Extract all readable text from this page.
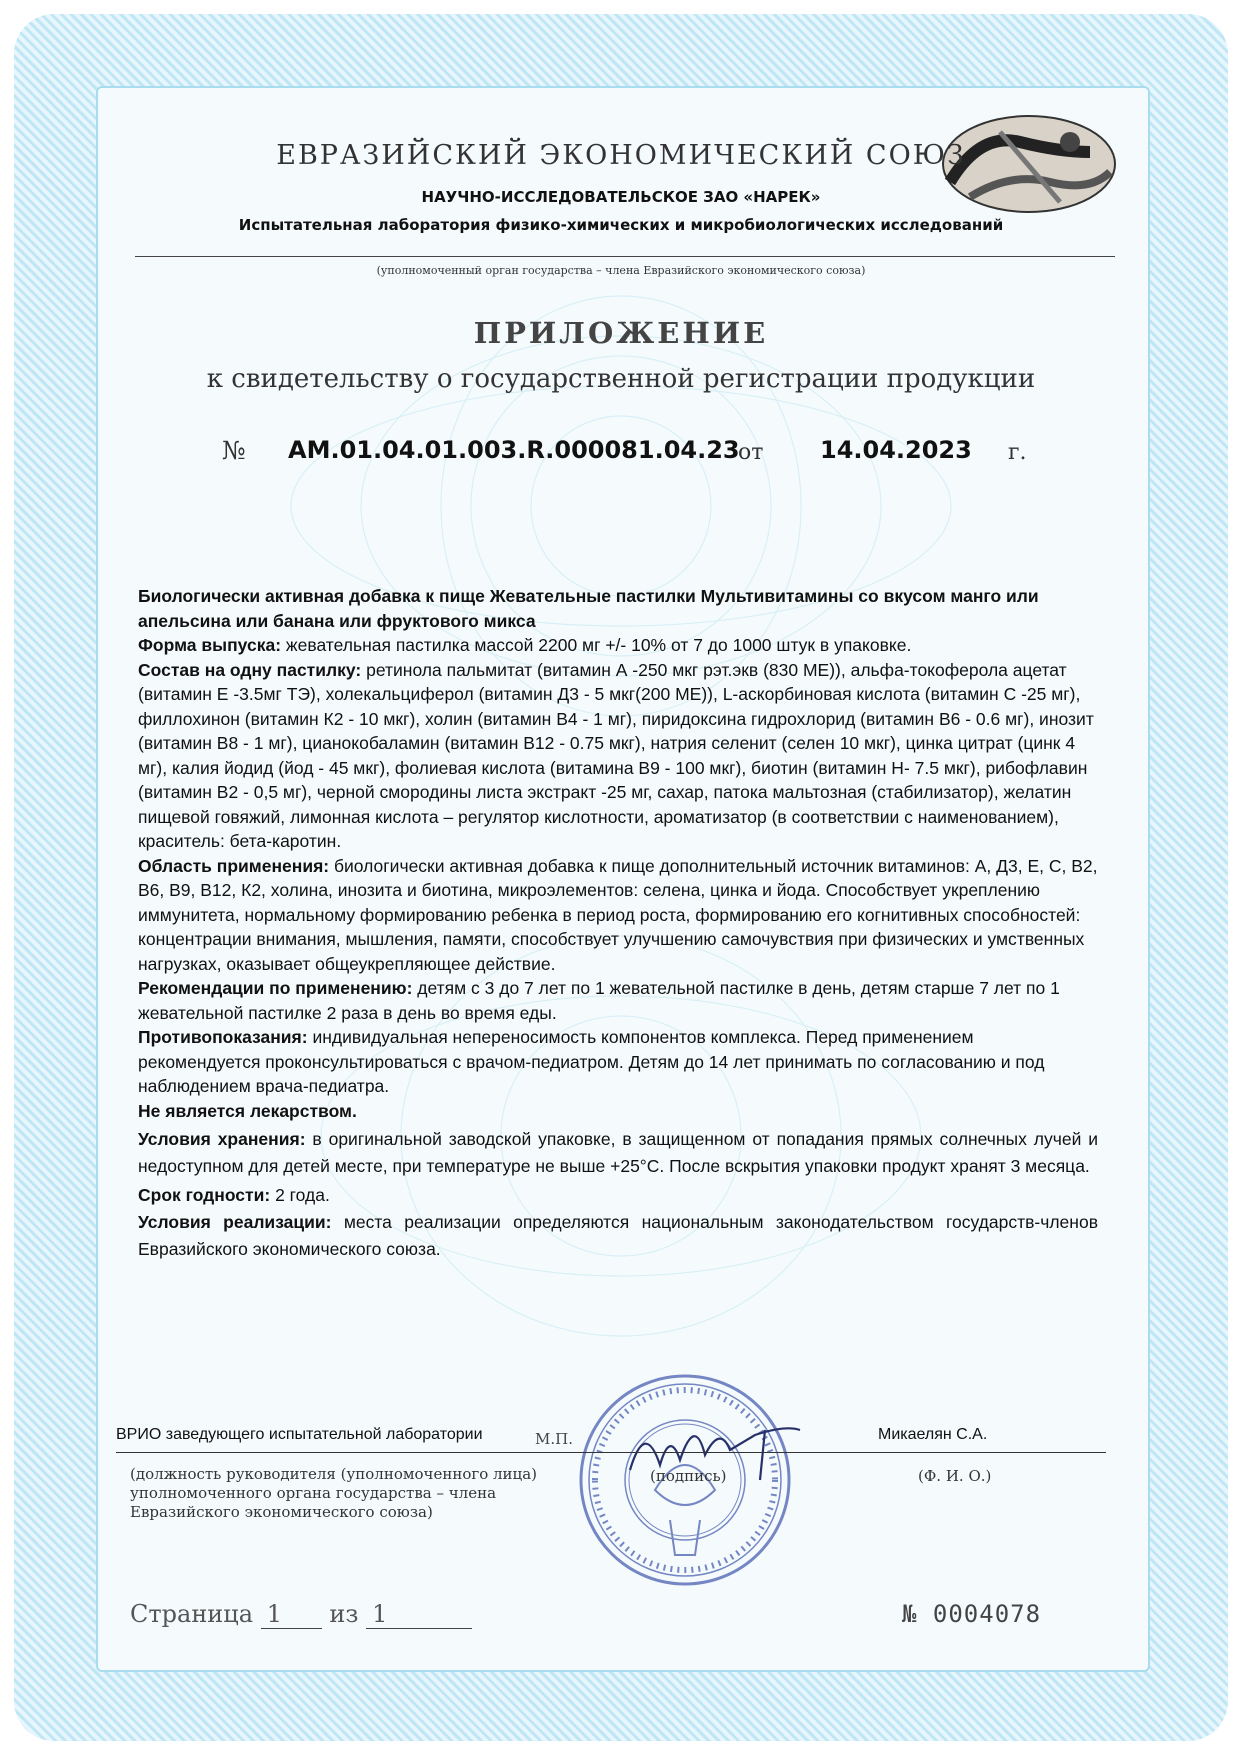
ЕВРАЗИЙСКИЙ ЭКОНОМИЧЕСКИЙ СОЮЗ
НАУЧНО-ИССЛЕДОВАТЕЛЬСКОЕ ЗАО «НАРЕК»
Испытательная лаборатория физико-химических и микробиологических исследований
(уполномоченный орган государства – члена Евразийского экономического союза)
ПРИЛОЖЕНИЕ
к свидетельству о государственной регистрации продукции
№ AM.01.04.01.003.R.000081.04.23
от 14.04.2023 г.

Биологически активная добавка к пище Жевательные пастилки Мультивитамины со вкусом манго или апельсина или банана или фруктового микса

Форма выпуска: жевательная пастилка массой 2200 мг +/- 10% от 7 до 1000 штук в упаковке.

Состав на одну пастилку: ретинола пальмитат (витамин А -250 мкг рэт.экв (830 МЕ)), альфа-токоферола ацетат (витамин Е -3.5мг ТЭ), холекальциферол (витамин Д3 - 5 мкг(200 МЕ)), L-аскорбиновая кислота (витамин С -25 мг), филлохинон (витамин К2 - 10 мкг), холин (витамин В4 - 1 мг), пиридоксина гидрохлорид (витамин В6 - 0.6 мг), инозит (витамин В8 - 1 мг), цианокобаламин (витамин В12 - 0.75 мкг), натрия селенит (селен 10 мкг), цинка цитрат (цинк 4 мг), калия йодид (йод - 45 мкг), фолиевая кислота (витамина В9 - 100 мкг), биотин (витамин Н- 7.5 мкг), рибофлавин (витамин В2 - 0,5 мг), черной смородины листа экстракт -25 мг, сахар, патока мальтозная (стабилизатор), желатин пищевой говяжий, лимонная кислота – регулятор кислотности, ароматизатор (в соответствии с наименованием), краситель: бета-каротин.

Область применения: биологически активная добавка к пище дополнительный источник витаминов: А, Д3, Е, С, В2, В6, В9, В12, К2, холина, инозита и биотина, микроэлементов: селена, цинка и йода. Способствует укреплению иммунитета, нормальному формированию ребенка в период роста, формированию его когнитивных способностей: концентрации внимания, мышления, памяти, способствует улучшению самочувствия при физических и умственных нагрузках, оказывает общеукрепляющее действие.

Рекомендации по применению: детям с 3 до 7 лет по 1 жевательной пастилке в день, детям старше 7 лет по 1 жевательной пастилке 2 раза в день во время еды.

Противопоказания: индивидуальная непереносимость компонентов комплекса. Перед применением рекомендуется проконсультироваться с врачом-педиатром. Детям до 14 лет принимать по согласованию и под наблюдением врача-педиатра.

Не является лекарством.

Условия хранения: в оригинальной заводской упаковке, в защищенном от попадания прямых солнечных лучей и недоступном для детей месте, при температуре не выше +25°С. После вскрытия упаковки продукт хранят 3 месяца.

Срок годности: 2 года.

Условия реализации: места реализации определяются национальным законодательством государств-членов Евразийского экономического союза.

ВРИО заведующего испытательной лаборатории	М.П.	Микаелян С.А.
(должность руководителя (уполномоченного лица) уполномоченного органа государства – члена Евразийского экономического союза)
(подпись)	(Ф. И. О.)
Страница 1 из 1	№ 0004078
